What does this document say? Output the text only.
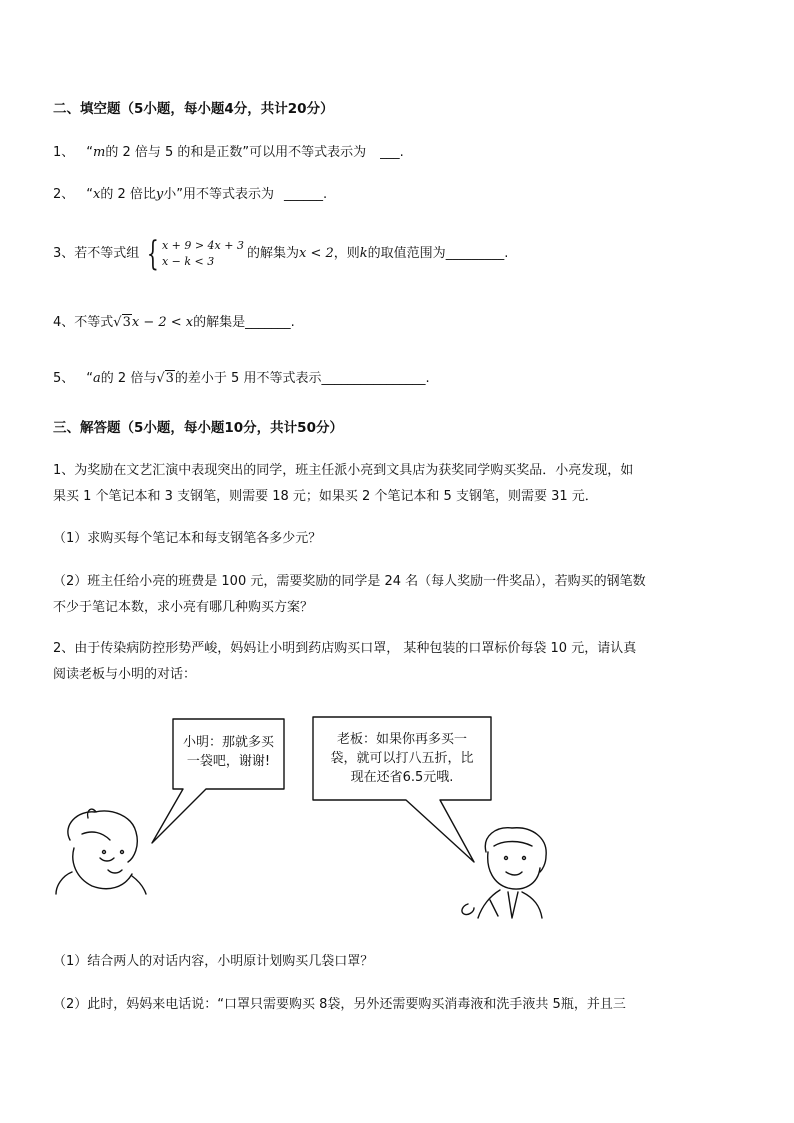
二、填空题（5小题，每小题4分，共计20分）
1、 “m的 2 倍与 5 的和是正数”可以用不等式表示为 ___.
2、 “x的 2 倍比y小”用不等式表示为 ______.
3、若不等式组 { x + 9 > 4x + 3
x − k < 3	的解集为x < 2，则k的取值范围为_________.
4、不等式√3x − 2 < x的解集是_______.
5、 “a的 2 倍与√3的差小于 5 用不等式表示________________.
三、解答题（5小题，每小题10分，共计50分）
1、为奖励在文艺汇演中表现突出的同学，班主任派小亮到文具店为获奖同学购买奖品．小亮发现，如
果买 1 个笔记本和 3 支钢笔，则需要 18 元；如果买 2 个笔记本和 5 支钢笔，则需要 31 元．
（1）求购买每个笔记本和每支钢笔各多少元？
（2）班主任给小亮的班费是 100 元，需要奖励的同学是 24 名（每人奖励一件奖品），若购买的钢笔数
不少于笔记本数，求小亮有哪几种购买方案？
2、由于传染病防控形势严峻，妈妈让小明到药店购买口罩， 某种包装的口罩标价每袋 10 元，请认真
阅读老板与小明的对话：
小明：那就多买
一袋吧，谢谢!
老板：如果你再多买一
袋，就可以打八五折，比
现在还省6.5元哦.
（1）结合两人的对话内容，小明原计划购买几袋口罩？
（2）此时，妈妈来电话说：“口罩只需要购买 8袋，另外还需要购买消毒液和洗手液共 5瓶，并且三
